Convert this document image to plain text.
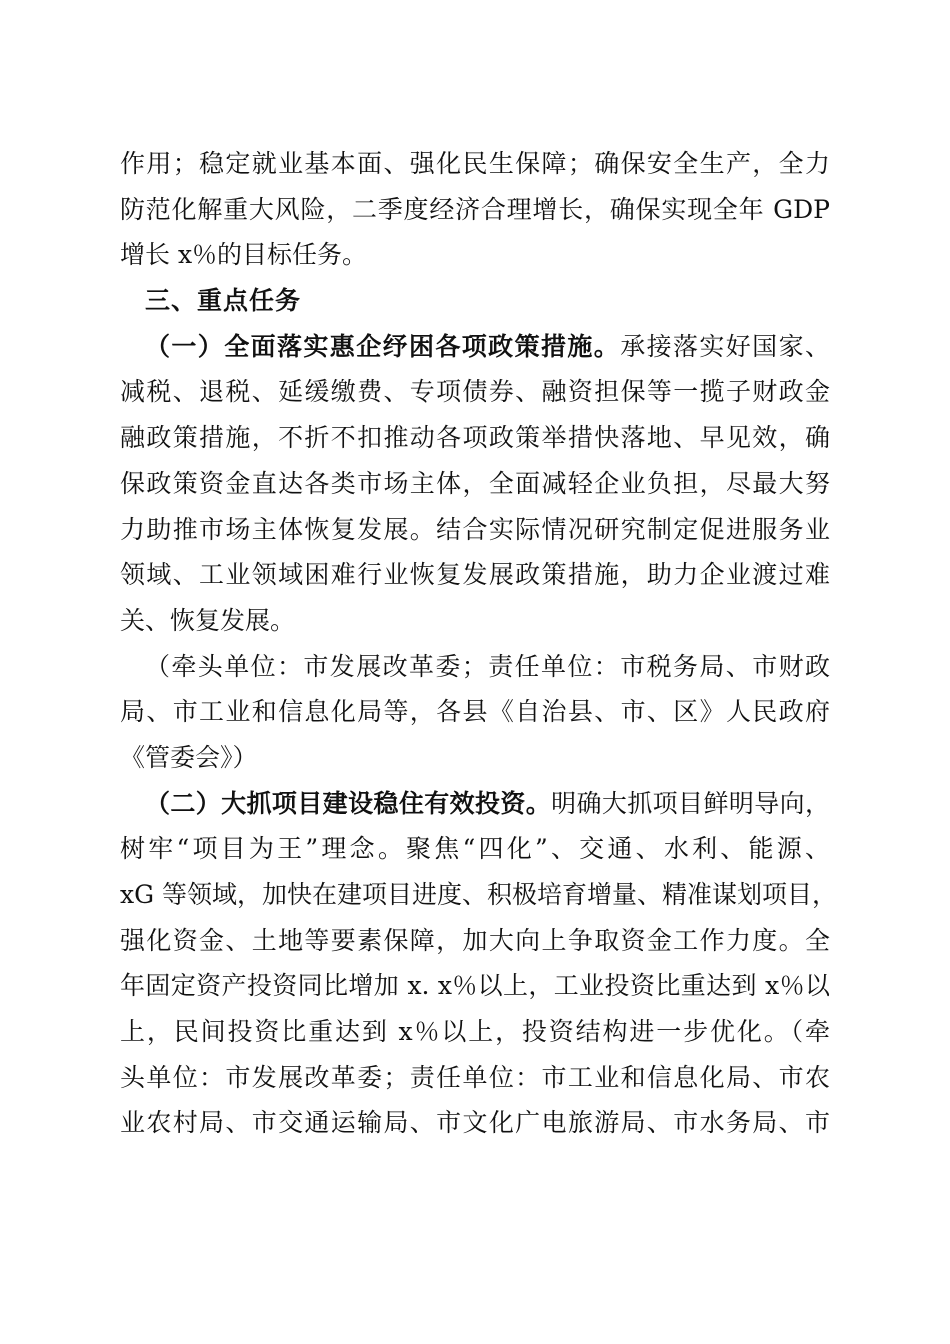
作用；稳定就业基本面、强化民生保障；确保安全生产，全力
防范化解重大风险，二季度经济合理增长，确保实现全年 GDP
增长 x％的目标任务。
三、重点任务
（一）全面落实惠企纾困各项政策措施。承接落实好国家、
减税、退税、延缓缴费、专项债券、融资担保等一揽子财政金
融政策措施，不折不扣推动各项政策举措快落地、早见效，确
保政策资金直达各类市场主体，全面减轻企业负担，尽最大努
力助推市场主体恢复发展。结合实际情况研究制定促进服务业
领域、工业领域困难行业恢复发展政策措施，助力企业渡过难
关、恢复发展。
（牵头单位：市发展改革委；责任单位：市税务局、市财政
局、市工业和信息化局等，各县《自治县、市、区》人民政府
《管委会》）
（二）大抓项目建设稳住有效投资。明确大抓项目鲜明导向，
树牢“项目为王”理念。聚焦“四化”、交通、水利、能源、
xG 等领域，加快在建项目进度、积极培育增量、精准谋划项目，
强化资金、土地等要素保障，加大向上争取资金工作力度。全
年固定资产投资同比增加 x. x％以上，工业投资比重达到 x％以
上，民间投资比重达到 x％以上，投资结构进一步优化。（牵
头单位：市发展改革委；责任单位：市工业和信息化局、市农
业农村局、市交通运输局、市文化广电旅游局、市水务局、市
